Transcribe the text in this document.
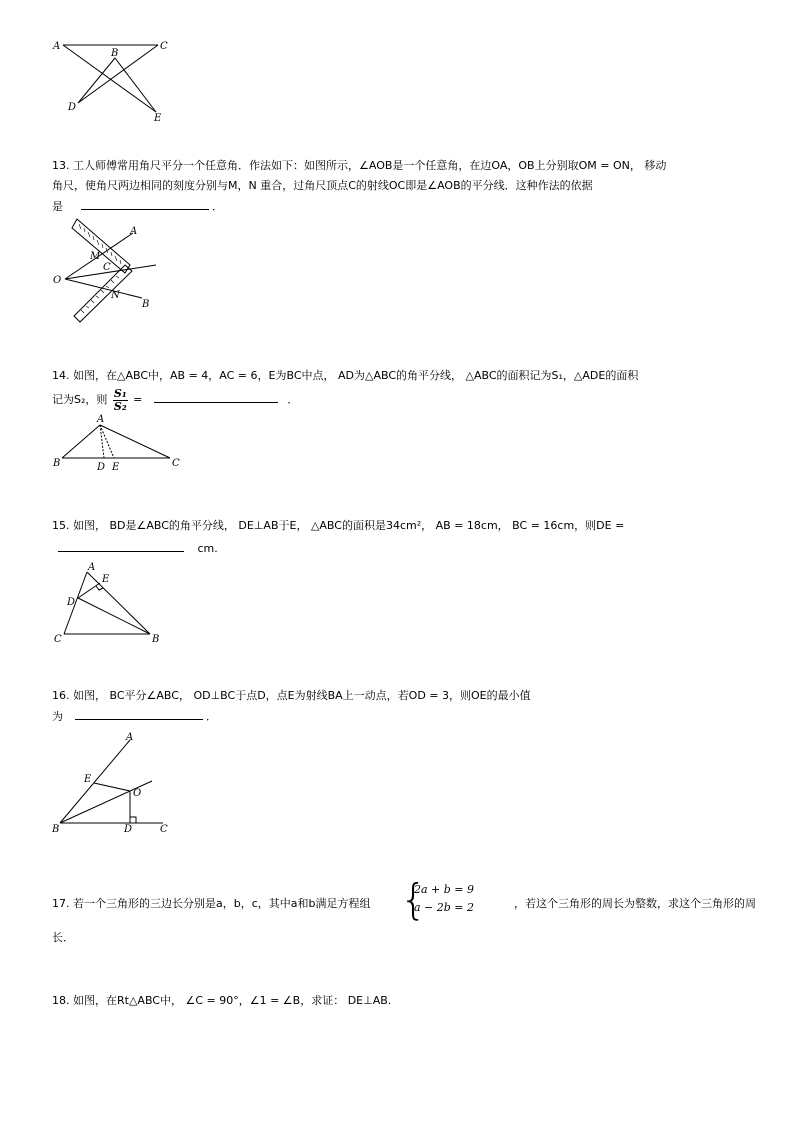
A
B
C
D
E
13. 工人师傅常用角尺平分一个任意角．作法如下：如图所示，∠AOB是一个任意角，在边OA，OB上分别取OM = ON， 移动
角尺，使角尺两边相同的刻度分别与M，N 重合，过角尺顶点C的射线OC即是∠AOB的平分线．这种作法的依据
是	．
A
M
C
O
N
B
14. 如图，在△ABC中，AB = 4，AC = 6，E为BC中点， AD为△ABC的角平分线， △ABC的面积记为S₁，△ADE的面积
记为S₂，则 $\frac{\text{S₁}}{\text{S₂}}$ =	．
A
B	C
D E
15. 如图， BD是∠ABC的角平分线， DE⊥AB于E， △ABC的面积是34cm²， AB = 18cm， BC = 16cm，则DE =
cm.
A
E
D
C	B
16. 如图， BC平分∠ABC， OD⊥BC于点D，点E为射线BA上一动点，若OD = 3，则OE的最小值
为	．
A
E
O
B	D	C
17. 若一个三角形的三边长分别是a，b，c，其中a和b满足方程组 {
2a + b = 9
a − 2b = 2	，若这个三角形的周长为整数，求这个三角形的周
长．
18. 如图，在Rt△ABC中， ∠C = 90°，∠1 = ∠B，求证： DE⊥AB.
